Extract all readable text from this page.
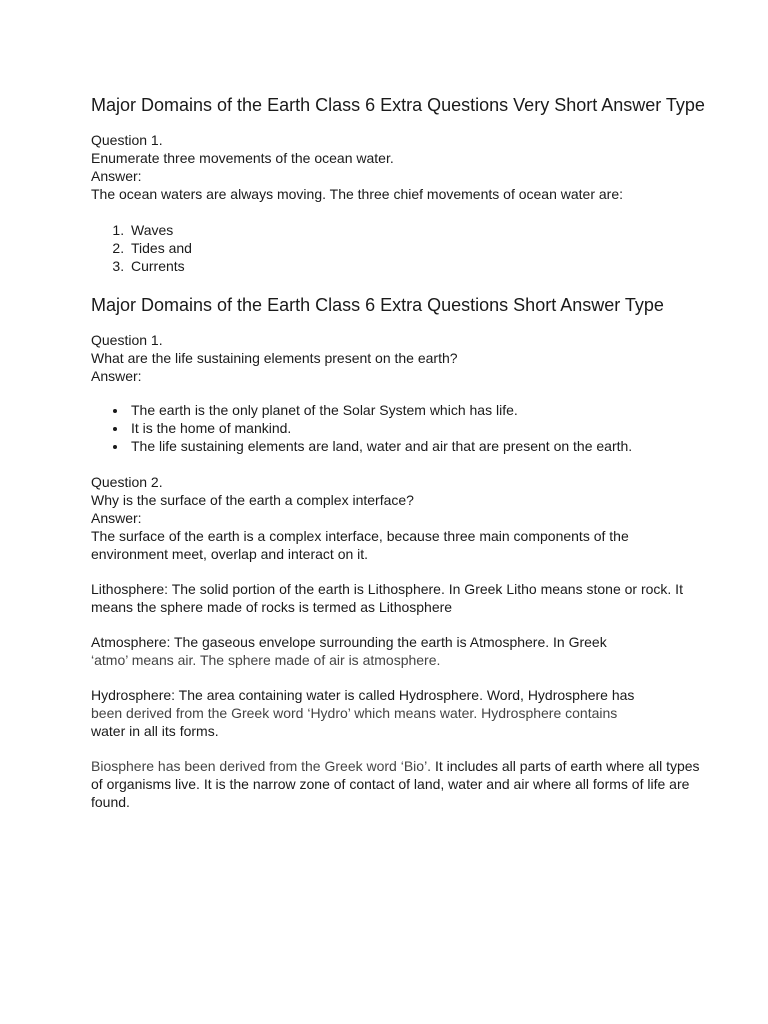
Major Domains of the Earth Class 6 Extra Questions Very Short Answer Type

Question 1.

Enumerate three movements of the ocean water.

Answer:

The ocean waters are always moving. The three chief movements of ocean water are:

1. Waves
2. Tides and
3. Currents
Major Domains of the Earth Class 6 Extra Questions Short Answer Type

Question 1.

What are the life sustaining elements present on the earth?

Answer:

• The earth is the only planet of the Solar System which has life.
• It is the home of mankind.
• The life sustaining elements are land, water and air that are present on the earth.

Question 2.

Why is the surface of the earth a complex interface?

Answer:

The surface of the earth is a complex interface, because three main components of the environment meet, overlap and interact on it.

Lithosphere: The solid portion of the earth is Lithosphere. In Greek Litho means stone or rock. It means the sphere made of rocks is termed as Lithosphere

Atmosphere: The gaseous envelope surrounding the earth is Atmosphere. In Greek
‘atmo’ means air. The sphere made of air is atmosphere.

Hydrosphere: The area containing water is called Hydrosphere. Word, Hydrosphere has
been derived from the Greek word ‘Hydro’ which means water. Hydrosphere contains
water in all its forms.

Biosphere has been derived from the Greek word ‘Bio’. It includes all parts of earth where all types of organisms live. It is the narrow zone of contact of land, water and air where all forms of life are found.
